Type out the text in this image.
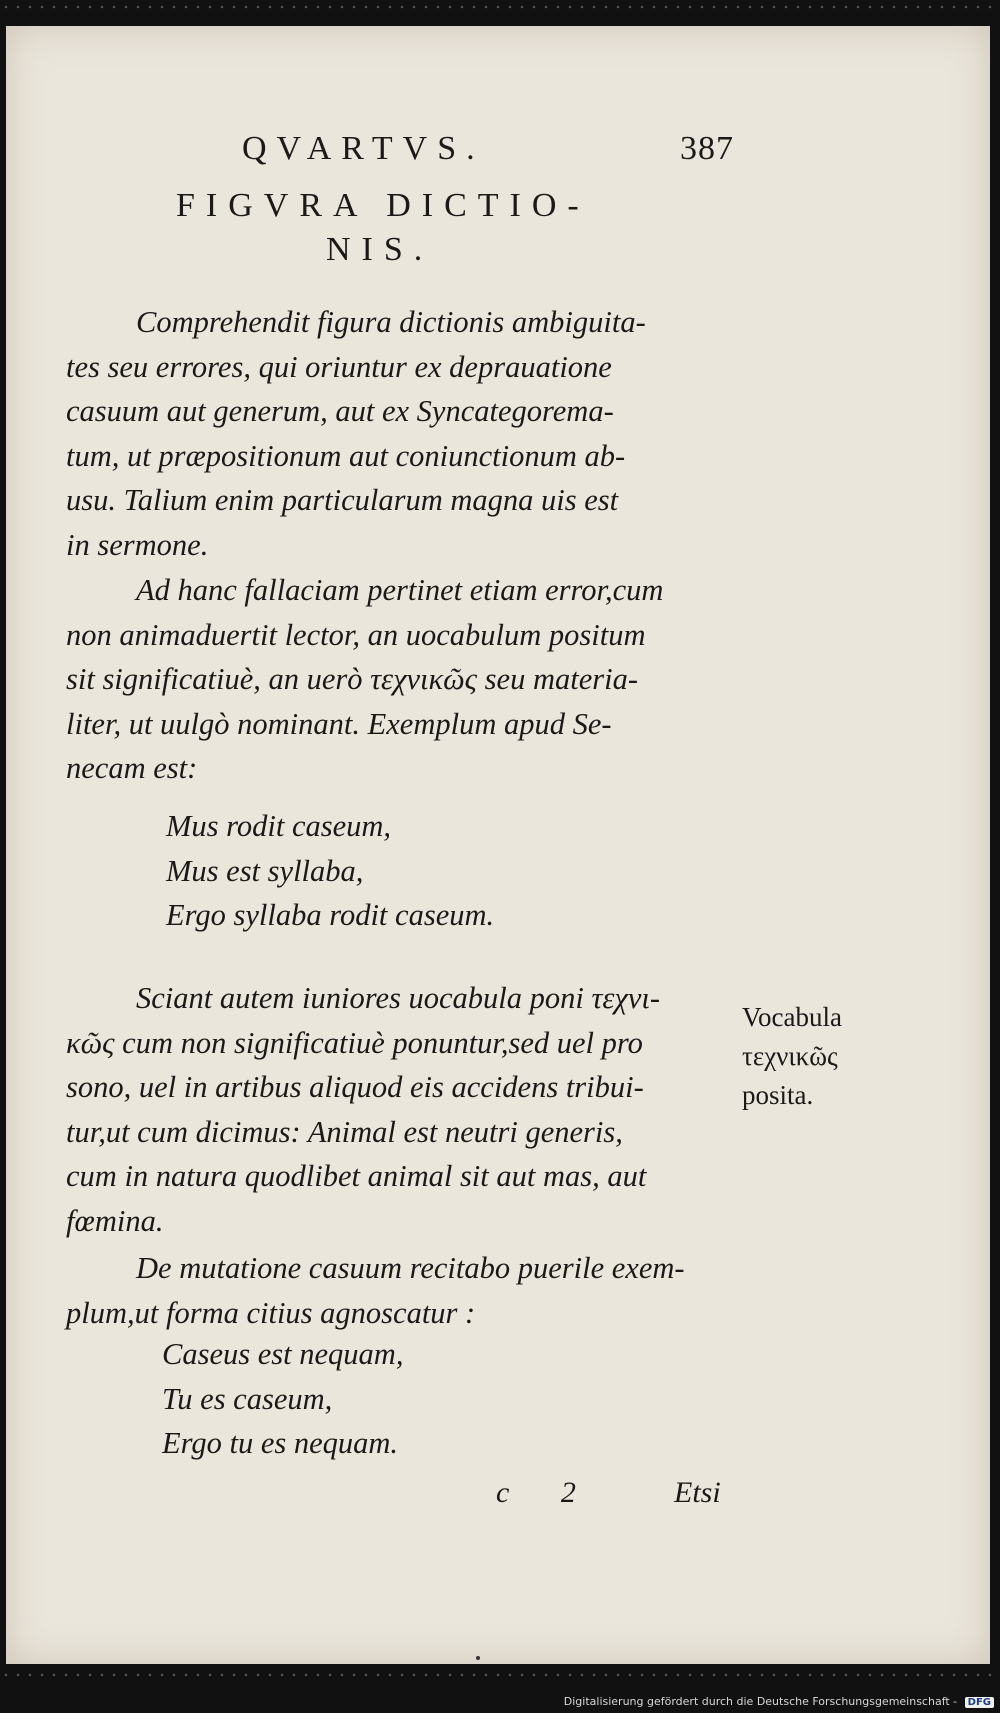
QVARTVS.	387
FIGVRA DICTIO-
NIS.
Comprehendit figura dictionis ambiguita-
tes seu errores, qui oriuntur ex deprauatione
casuum aut generum, aut ex Syncategorema-
tum, ut præpositionum aut coniunctionum ab-
usu. Talium enim particularum magna uis est
in sermone.
Ad hanc fallaciam pertinet etiam error,cum
non animaduertit lector, an uocabulum positum
sit significatiuè, an uerò τεχνικῶς seu materia-
liter, ut uulgò nominant. Exemplum apud Se-
necam est:
Mus rodit caseum,
Mus est syllaba,
Ergo syllaba rodit caseum.
Sciant autem iuniores uocabula poni τεχνι-
κῶς cum non significatiuè ponuntur,sed uel pro
sono, uel in artibus aliquod eis accidens tribui-
tur,ut cum dicimus: Animal est neutri generis,
cum in natura quodlibet animal sit aut mas, aut
fœmina.
Vocabula
τεχνικῶς
posita.
De mutatione casuum recitabo puerile exem-
plum,ut forma citius agnoscatur :
Caseus est nequam,
Tu es caseum,
Ergo tu es nequam.
c 2	Etsi
Digitalisierung gefördert durch die Deutsche Forschungsgemeinschaft - DFG
